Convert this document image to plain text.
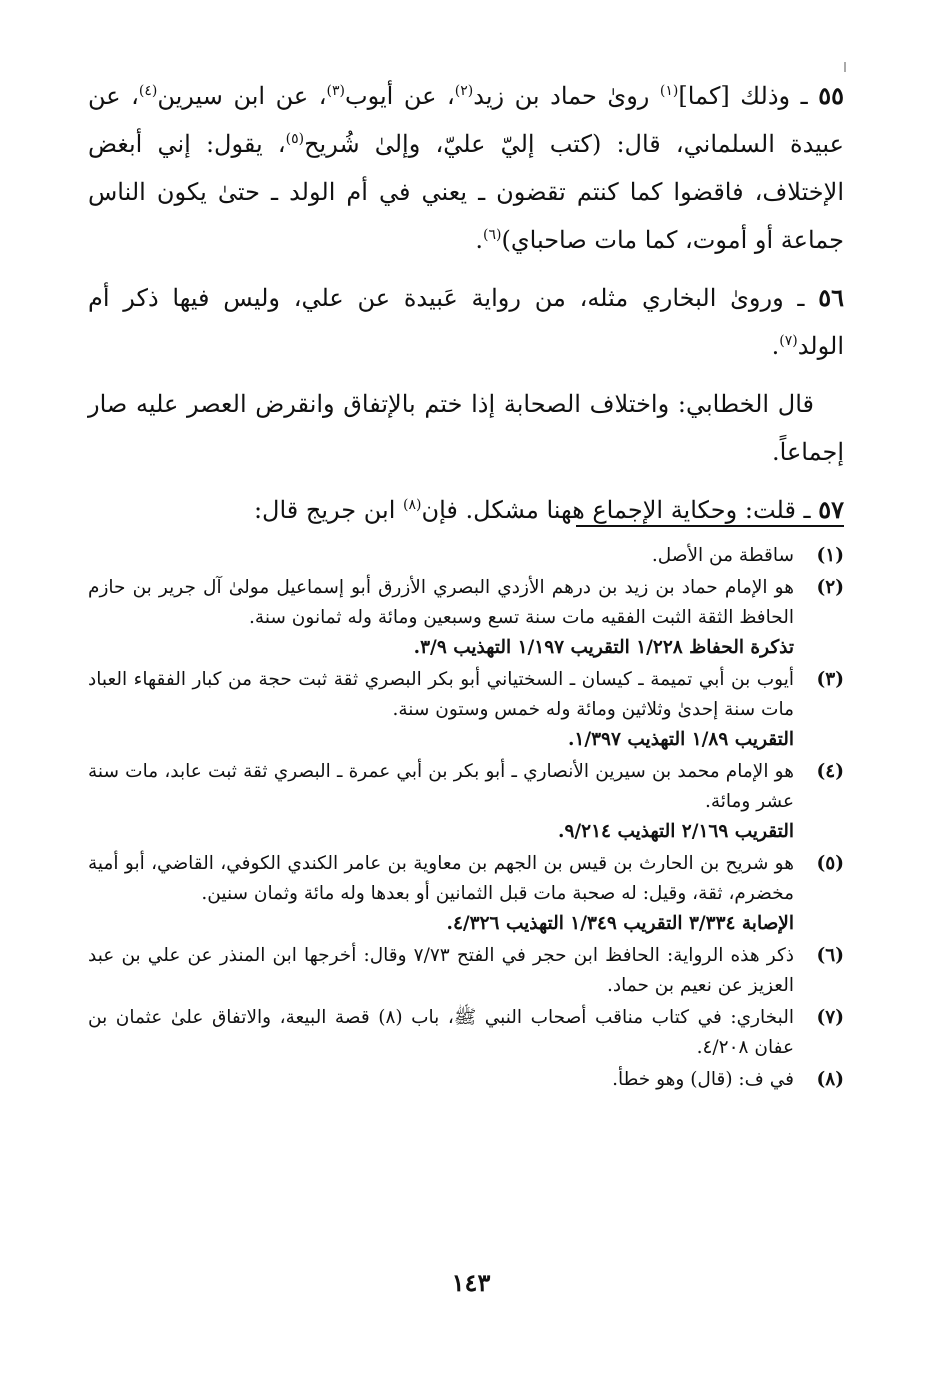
٥٥ ـ وذلك [كما]$^{(١)}$ روىٰ حماد بن زيد$^{(٢)}$، عن أيوب$^{(٣)}$، عن ابن سيرين$^{(٤)}$، عن عبيدة السلماني، قال: (كتب إليّ عليّ، وإلىٰ شُريح$^{(٥)}$، يقول: إني أبغض الإختلاف، فاقضوا كما كنتم تقضون ـ يعني في أم الولد ـ حتىٰ يكون الناس جماعة أو أموت، كما مات صاحباي)$^{(٦)}$.

٥٦ ـ وروىٰ البخاري مثله، من رواية عَبيدة عن علي، وليس فيها ذكر أم الولد$^{(٧)}$.

قال الخطابي: واختلاف الصحابة إذا ختم بالإتفاق وانقرض العصر عليه صار إجماعاً.

٥٧ ـ قلت: وحكاية الإجماع ههنا مشكل. فإن$^{(٨)}$ ابن جريج قال:

(١)
ساقطة من الأصل.
(٢)
هو الإمام حماد بن زيد بن درهم الأزدي البصري الأزرق أبو إسماعيل مولىٰ آل جرير بن حازم الحافظ الثقة الثبت الفقيه مات سنة تسع وسبعين ومائة وله ثمانون سنة.
تذكرة الحفاظ ١/٢٢٨ التقريب ١/١٩٧ التهذيب ٣/٩.
(٣)
أيوب بن أبي تميمة ـ كيسان ـ السختياني أبو بكر البصري ثقة ثبت حجة من كبار الفقهاء العباد مات سنة إحدىٰ وثلاثين ومائة وله خمس وستون سنة.
التقريب ١/٨٩ التهذيب ١/٣٩٧.
(٤)
هو الإمام محمد بن سيرين الأنصاري ـ أبو بكر بن أبي عمرة ـ البصري ثقة ثبت عابد، مات سنة عشر ومائة.
التقريب ٢/١٦٩ التهذيب ٩/٢١٤.
(٥)
هو شريح بن الحارث بن قيس بن الجهم بن معاوية بن عامر الكندي الكوفي، القاضي، أبو أمية مخضرم، ثقة، وقيل: له صحبة مات قبل الثمانين أو بعدها وله مائة وثمان سنين.
الإصابة ٣/٣٣٤ التقريب ١/٣٤٩ التهذيب ٤/٣٢٦.
(٦)
ذكر هذه الرواية: الحافظ ابن حجر في الفتح ٧/٧٣ وقال: أخرجها ابن المنذر عن علي بن عبد العزيز عن نعيم بن حماد.
(٧)
البخاري: في كتاب مناقب أصحاب النبي ﷺ، باب (٨) قصة البيعة، والاتفاق علىٰ عثمان بن عفان ٤/٢٠٨.
(٨)
في ف: (قال) وهو خطأ.
١٤٣
